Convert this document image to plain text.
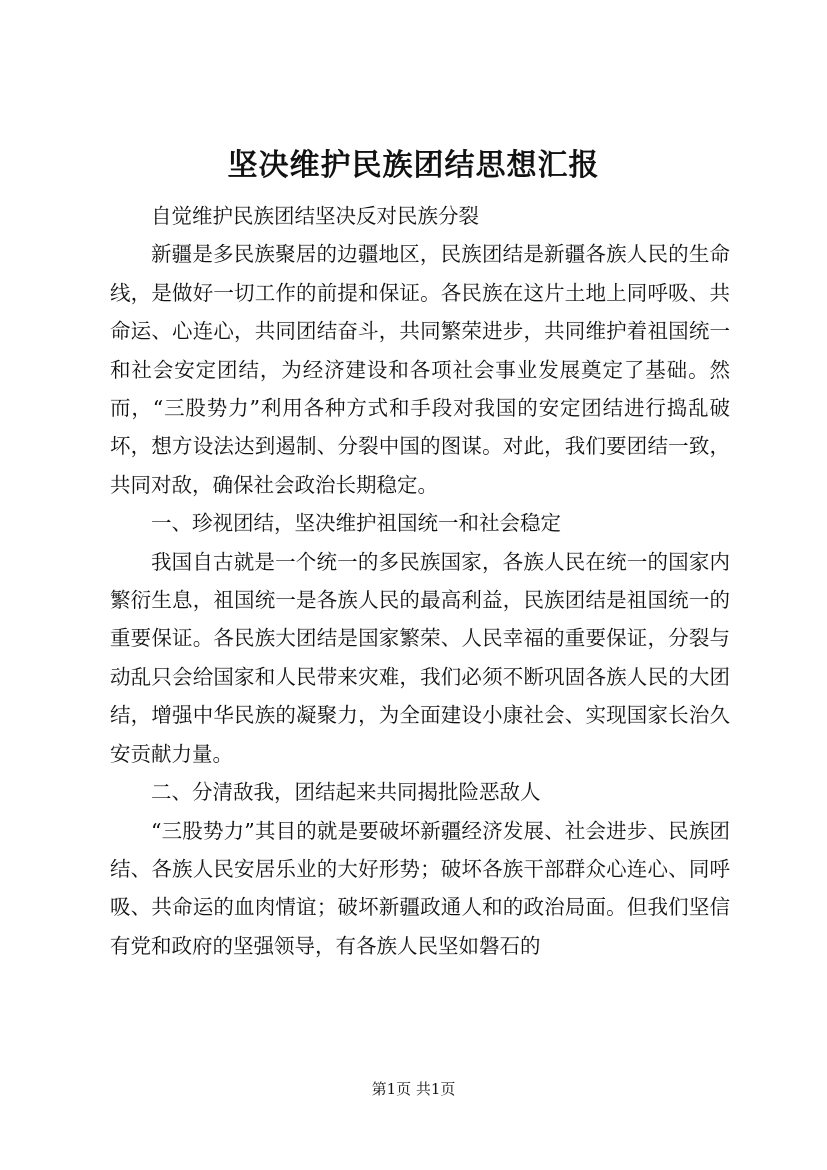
坚决维护民族团结思想汇报

自觉维护民族团结坚决反对民族分裂

新疆是多民族聚居的边疆地区，民族团结是新疆各族人民的生命线，是做好一切工作的前提和保证。各民族在这片土地上同呼吸、共命运、心连心，共同团结奋斗，共同繁荣进步，共同维护着祖国统一和社会安定团结，为经济建设和各项社会事业发展奠定了基础。然而，“三股势力”利用各种方式和手段对我国的安定团结进行捣乱破坏，想方设法达到遏制、分裂中国的图谋。对此，我们要团结一致，共同对敌，确保社会政治长期稳定。

一、珍视团结，坚决维护祖国统一和社会稳定

我国自古就是一个统一的多民族国家，各族人民在统一的国家内繁衍生息，祖国统一是各族人民的最高利益，民族团结是祖国统一的重要保证。各民族大团结是国家繁荣、人民幸福的重要保证，分裂与动乱只会给国家和人民带来灾难，我们必须不断巩固各族人民的大团结，增强中华民族的凝聚力，为全面建设小康社会、实现国家长治久安贡献力量。

二、分清敌我，团结起来共同揭批险恶敌人

“三股势力”其目的就是要破坏新疆经济发展、社会进步、民族团结、各族人民安居乐业的大好形势；破坏各族干部群众心连心、同呼吸、共命运的血肉情谊；破坏新疆政通人和的政治局面。但我们坚信有党和政府的坚强领导，有各族人民坚如磐石的

第1页 共1页
